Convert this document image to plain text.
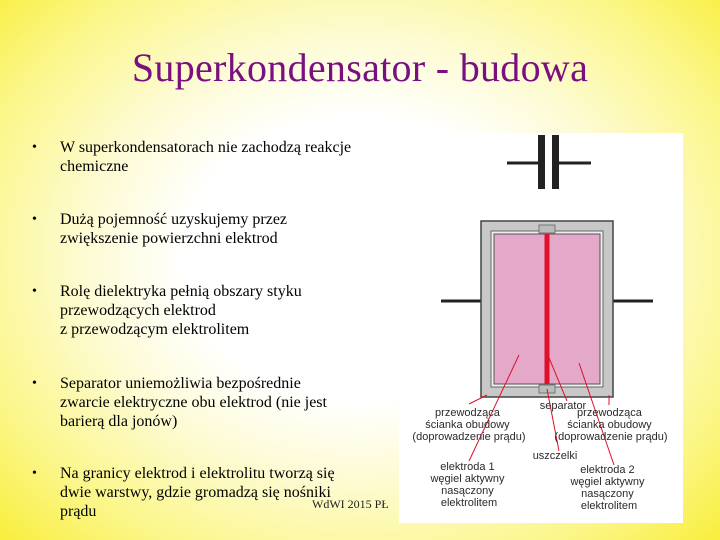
Superkondensator - budowa
•	W superkondensatorach nie zachodzą reakcje
chemiczne
•	Dużą pojemność uzyskujemy przez
zwiększenie powierzchni elektrod
•	Rolę dielektryka pełnią obszary styku
przewodzących elektrod
z przewodzącym elektrolitem
•	Separator uniemożliwia bezpośrednie
zwarcie elektryczne obu elektrod (nie jest
barierą dla jonów)
•	Na granicy elektrod i elektrolitu tworzą się
dwie warstwy, gdzie gromadzą się nośniki
prądu
przewodząca ścianka obudowy (doprowadzenie prądu)
separator
przewodząca ścianka obudowy (doprowadzenie prądu)
uszczelki
elektroda 1 węgiel aktywny nasączony elektrolitem
elektroda 2 węgiel aktywny nasączony elektrolitem
WdWI 2015 PŁ
